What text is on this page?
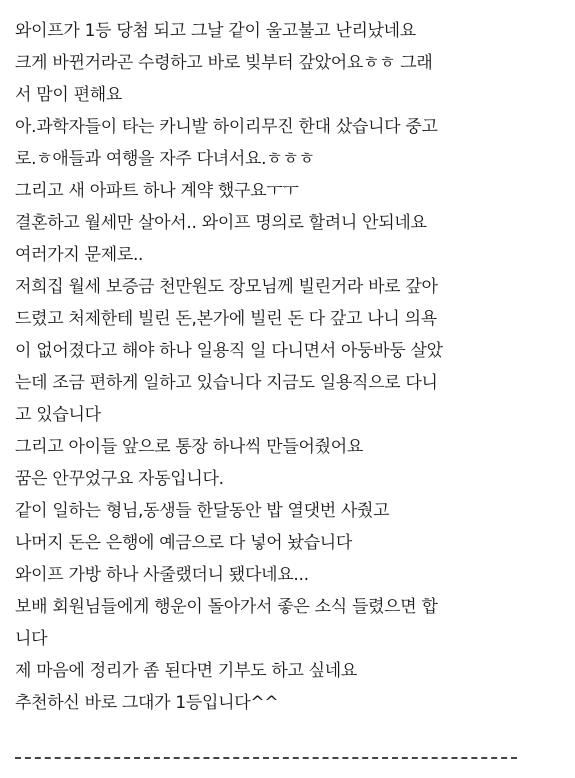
와이프가 1등 당첨 되고 그날 같이 울고불고 난리났네요
크게 바뀐거라곤 수령하고 바로 빚부터 갚았어요ㅎㅎ 그래
서 맘이 편해요
아.과학자들이 타는 카니발 하이리무진 한대 샀습니다 중고
로.ㅎ애들과 여행을 자주 다녀서요.ㅎㅎㅎ
그리고 새 아파트 하나 계약 했구요ㅜㅜ
결혼하고 월세만 살아서.. 와이프 명의로 할려니 안되네요
여러가지 문제로..
저희집 월세 보증금 천만원도 장모님께 빌린거라 바로 갚아
드렸고 처제한테 빌린 돈,본가에 빌린 돈 다 갚고 나니 의욕
이 없어졌다고 해야 하나 일용직 일 다니면서 아둥바둥 살았
는데 조금 편하게 일하고 있습니다 지금도 일용직으로 다니
고 있습니다
그리고 아이들 앞으로 통장 하나씩 만들어줬어요
꿈은 안꾸었구요 자동입니다.
같이 일하는 형님,동생들 한달동안 밥 열댓번 사줬고
나머지 돈은 은행에 예금으로 다 넣어 놨습니다
와이프 가방 하나 사줄랬더니 됐다네요...
보배 회원님들에게 행운이 돌아가서 좋은 소식 들렸으면 합
니다
제 마음에 정리가 좀 된다면 기부도 하고 싶네요
추천하신 바로 그대가 1등입니다^^
